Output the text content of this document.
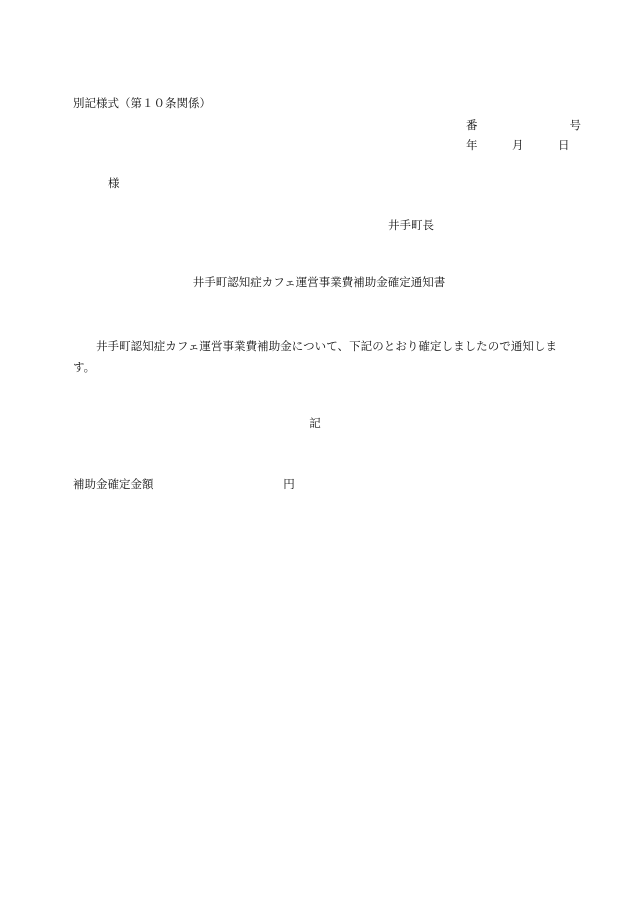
別記様式（第１０条関係）
番　　　　　　　　号
年　　　月　　　日
様
井手町長
井手町認知症カフェ運営事業費補助金確定通知書
井手町認知症カフェ運営事業費補助金について、下記のとおり確定しましたので通知します。
記
補助金確定金額	円
